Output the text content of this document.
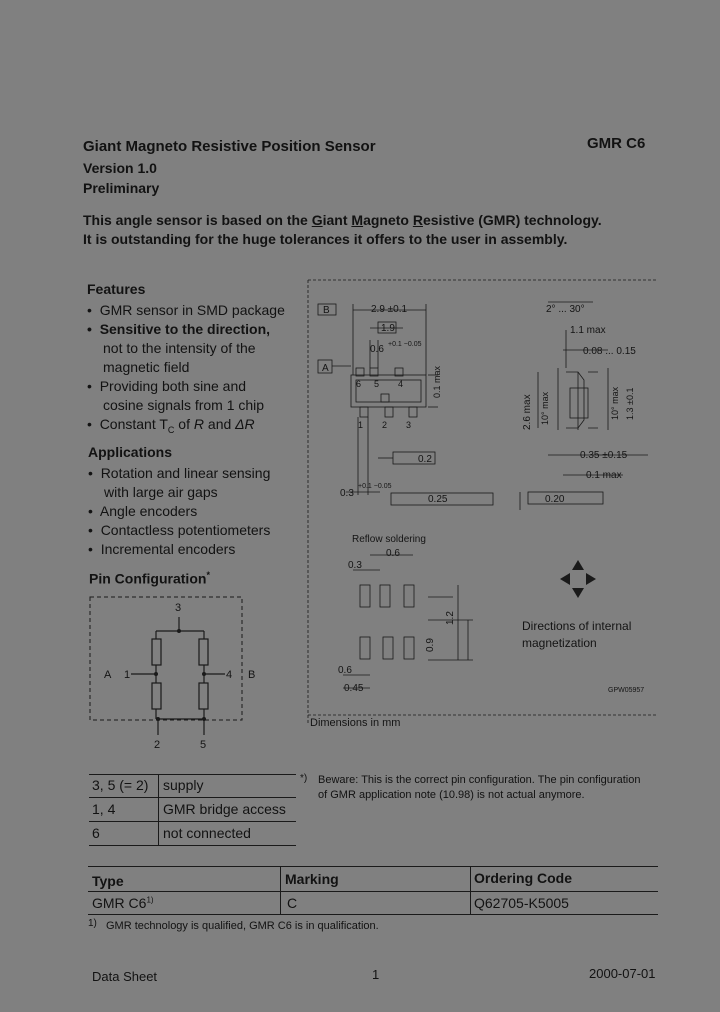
Giant Magneto Resistive Position Sensor	GMR C6
Version 1.0
Preliminary
This angle sensor is based on the Giant Magneto Resistive (GMR) technology.
It is outstanding for the huge tolerances it offers to the user in assembly.
Features
•  GMR sensor in SMD package
•  Sensitive to the direction,
not to the intensity of the
magnetic field
•  Providing both sine and
cosine signals from 1 chip
•  Constant $T_C$ of R and ΔR
Applications
•  Rotation and linear sensing
with large air gaps
•  Angle encoders
•  Contactless potentiometers
•  Incremental encoders
Pin Configuration*
3
1	4
2	5
A	B
3, 5 (= 2) supply
1, 4	GMR bridge access
6	not connected
*) Beware: This is the correct pin configuration. The pin configuration
of GMR application note (10.98) is not actual anymore.
B	2.9 ±0.1
1.9
0.6 +0.1 −0.05
A
6 5 4
1 2 3
0.1 max
0.2
0.3
+0.1 −0.05
0.25
2° ... 30°
1.1 max
0.08 ... 0.15
2.6 max 10° max	10° max 1.3 ±0.1
0.35 ±0.15
0.1 max
0.20
Reflow soldering
0.6
0.3
1.2
0.9
0.6
0.45
Directions of internal
magnetization
GPW05957
Dimensions in mm
Type	Marking	Ordering Code
GMR C6$^{1)}$	C	Q62705-K5005
1) GMR technology is qualified, GMR C6 is in qualification.
Data Sheet	1	2000-07-01
